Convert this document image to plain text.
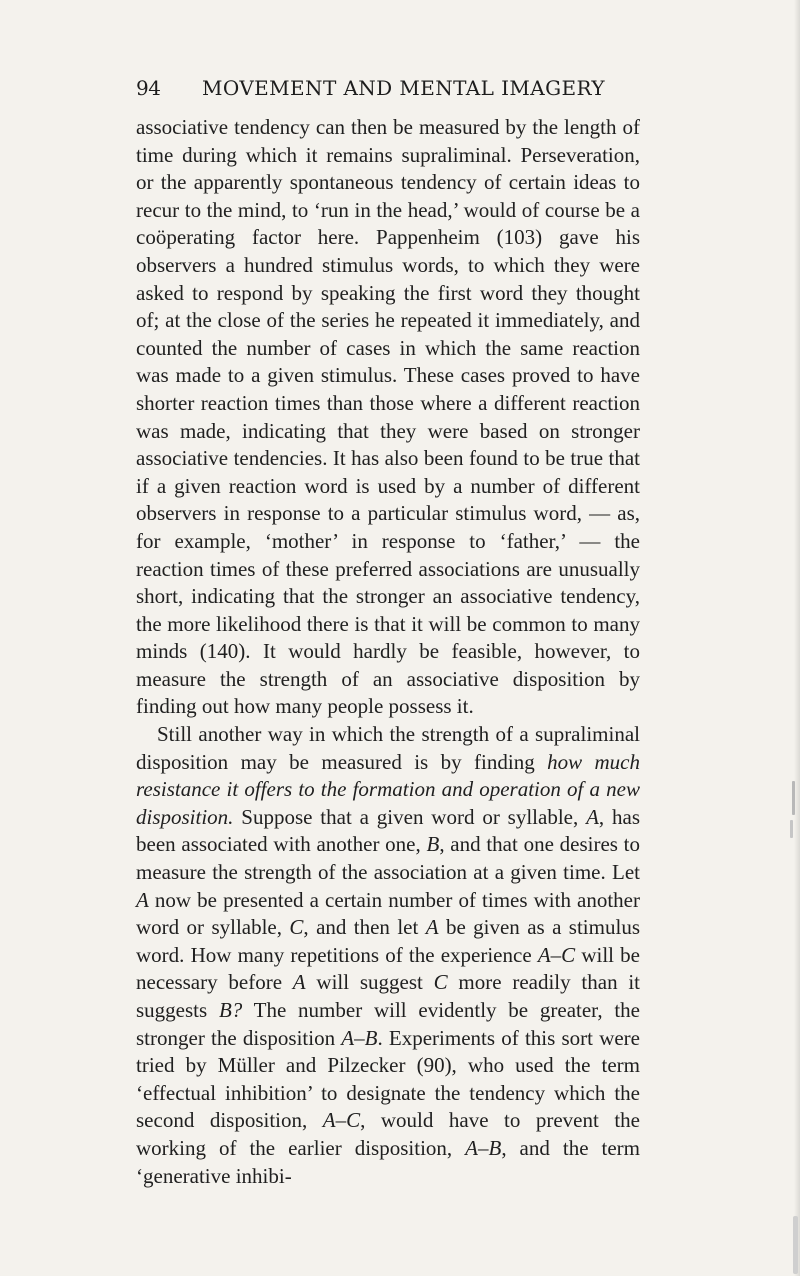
94 MOVEMENT AND MENTAL IMAGERY

associative tendency can then be measured by the length of time during which it remains supraliminal. Perseveration, or the apparently spontaneous tendency of certain ideas to recur to the mind, to ‘run in the head,’ would of course be a coöperating factor here. Pappenheim (103) gave his observers a hundred stimulus words, to which they were asked to respond by speaking the first word they thought of; at the close of the series he repeated it immediately, and counted the number of cases in which the same reaction was made to a given stimulus. These cases proved to have shorter reaction times than those where a different reaction was made, indicating that they were based on stronger associative tendencies. It has also been found to be true that if a given reaction word is used by a number of different observers in response to a particular stimulus word, — as, for example, ‘mother’ in response to ‘father,’ — the reaction times of these preferred associations are unusually short, indicating that the stronger an associative tendency, the more likelihood there is that it will be common to many minds (140). It would hardly be feasible, however, to measure the strength of an associative disposition by finding out how many people possess it.

Still another way in which the strength of a supraliminal disposition may be measured is by finding how much resistance it offers to the formation and operation of a new disposition. Suppose that a given word or syllable, A, has been associated with another one, B, and that one desires to measure the strength of the association at a given time. Let A now be presented a certain number of times with another word or syllable, C, and then let A be given as a stimulus word. How many repetitions of the experience A–C will be necessary before A will suggest C more readily than it suggests B? The number will evidently be greater, the stronger the disposition A–B. Experiments of this sort were tried by Müller and Pilzecker (90), who used the term ‘effectual inhibition’ to designate the tendency which the second disposition, A–C, would have to prevent the working of the earlier disposition, A–B, and the term ‘generative inhibi-
